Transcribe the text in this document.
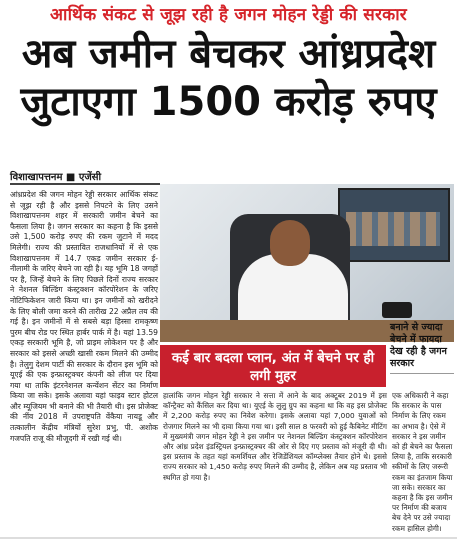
आर्थिक संकट से जूझ रही है जगन मोहन रेड्डी की सरकार
अब जमीन बेचकर आंध्रप्रदेश
जुटाएगा 1500 करोड़ रुपए
विशाखापत्तनम ■ एजेंसी

आंध्रप्रदेश की जगन मोहन रेड्डी सरकार आर्थिक संकट से जूझ रही है और इससे निपटने के लिए उसने विशाखापत्तनम शहर में सरकारी जमीन बेचने का फैसला लिया है। जगन सरकार का कहना है कि इससे उसे 1,500 करोड़ रुपए की रकम जुटाने में मदद मिलेगी। राज्य की प्रस्तावित राजधानियों में से एक विशाखापत्तनम में 14.7 एकड़ जमीन सरकार ई-नीलामी के जरिए बेचने जा रही है। यह भूमि 18 जगहों पर है, जिन्हें बेचने के लिए पिछले दिनों राज्य सरकार ने नेशनल बिल्डिंग कंस्ट्रक्शन कॉरपोरेशन के जरिए नोटिफिकेशन जारी किया था। इन जमीनों को खरीदने के लिए बोली जमा करने की तारीख 22 अप्रैल तय की गई है। इन जमीनों में से सबसे बड़ा हिस्सा रामकृष्ण पुरम बीच रोड पर स्थित हार्बर पार्क में है। यहां 13.59 एकड़ सरकारी भूमि है, जो प्राइम लोकेशन पर है और सरकार को इससे अच्छी खासी रकम मिलने की उम्मीद है। तेलुगु देशम पार्टी की सरकार के दौरान इस भूमि को यूएई की एक इन्फ्रास्ट्रक्चर कंपनी को लीज पर दिया गया था ताकि इंटरनेशनल कन्वेंशन सेंटर का निर्माण किया जा सके। इसके अलावा यहां फाइव स्टार होटल और म्यूजियम भी बनाने की भी तैयारी थी। इस प्रोजेक्ट की नींव 2018 में उपराष्ट्रपति वेंकैया नायडू और तत्कालीन केंद्रीय मंत्रियों सुरेश प्रभु, पी. अशोक गजपति राजू की मौजूदगी में रखी गई थी।

कई बार बदला प्लान, अंत में बेचने पर ही लगी मुहर
बनाने से ज्यादा बेचने में फायदा देख रही है जगन सरकार

हालांकि जगन मोहन रेड्डी सरकार ने सत्ता में आने के बाद अक्टूबर 2019 में इस कॉन्ट्रैक्ट को कैंसिल कर दिया था। यूएई के लुलु ग्रुप का कहना था कि वह इस प्रोजेक्ट में 2,200 करोड़ रुपए का निवेश करेगा। इसके अलावा यहां 7,000 युवाओं को रोजगार मिलने का भी दावा किया गया था। इसी साल 8 फरवरी को हुई कैबिनेट मीटिंग में मुख्यमंत्री जगन मोहन रेड्डी ने इस जमीन पर नेशनल बिल्डिंग कंस्ट्रक्शन कॉरपोरेशन और आंध्र प्रदेश इंडस्ट्रियल इन्फ्रास्ट्रक्चर की ओर से दिए गए प्रस्ताव को मंजूरी दी थी। इस प्रस्ताव के तहत यहां कमर्शियल और रेजिडेंशियल कॉम्प्लेक्स तैयार होने थे। इससे राज्य सरकार को 1,450 करोड़ रुपए मिलने की उम्मीद है, लेकिन अब यह प्रस्ताव भी स्थगित हो गया है।

एक अधिकारी ने कहा कि सरकार के पास निर्माण के लिए रकम का अभाव है। ऐसे में सरकार ने इस जमीन को ही बेचने का फैसला लिया है, ताकि सरकारी स्कीमों के लिए जरूरी रकम का इंतजाम किया जा सके। सरकार का कहना है कि इस जमीन पर निर्माण की बजाय बेच देने पर उसे ज्यादा रकम हासिल होगी।
